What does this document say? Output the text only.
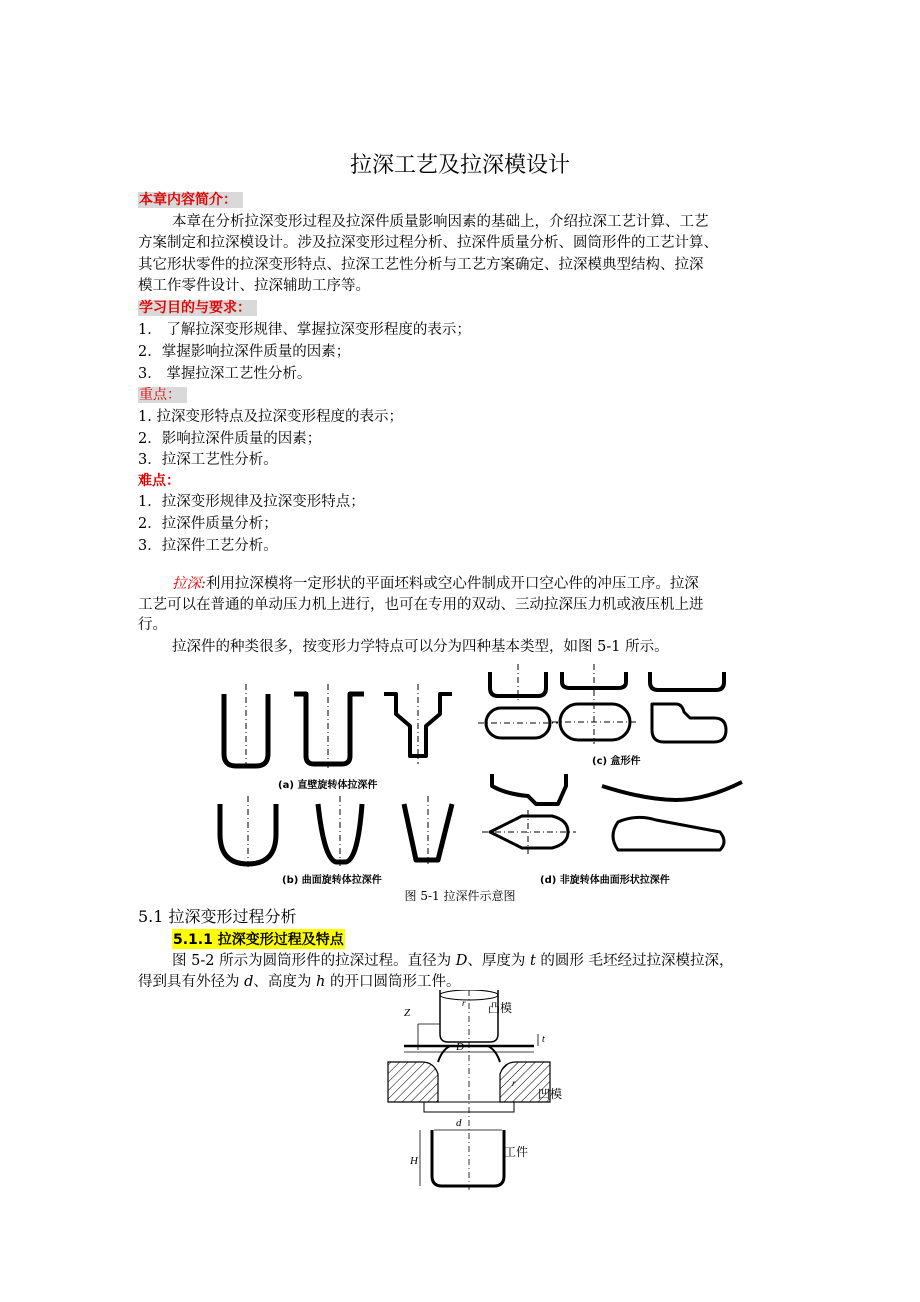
拉深工艺及拉深模设计
本章内容简介：
本章在分析拉深变形过程及拉深件质量影响因素的基础上，介绍拉深工艺计算、工艺
方案制定和拉深模设计。涉及拉深变形过程分析、拉深件质量分析、圆筒形件的工艺计算、
其它形状零件的拉深变形特点、拉深工艺性分析与工艺方案确定、拉深模典型结构、拉深
模工作零件设计、拉深辅助工序等。
学习目的与要求：
1． 了解拉深变形规律、掌握拉深变形程度的表示；
2．掌握影响拉深件质量的因素；
3． 掌握拉深工艺性分析。
重点：
1. 拉深变形特点及拉深变形程度的表示；
2．影响拉深件质量的因素；
3．拉深工艺性分析。
难点：
1．拉深变形规律及拉深变形特点；
2．拉深件质量分析；
3．拉深件工艺分析。
拉深:利用拉深模将一定形状的平面坯料或空心件制成开口空心件的冲压工序。拉深
工艺可以在普通的单动压力机上进行，也可在专用的双动、三动拉深压力机或液压机上进
行。
拉深件的种类很多，按变形力学特点可以分为四种基本类型，如图 5-1 所示。
(a) 直壁旋转体拉深件
(b) 曲面旋转体拉深件
(c) 盒形件
(d) 非旋转体曲面形状拉深件
图 5-1 拉深件示意图
5.1 拉深变形过程分析
5.1.1 拉深变形过程及特点
图 5-2 所示为圆筒形件的拉深过程。直径为 D、厚度为 t 的圆形 毛坯经过拉深模拉深，
得到具有外径为 d、高度为 h 的开口圆筒形工件。
凸模
凹模
工件
Z
D
t
d
H
r
r
